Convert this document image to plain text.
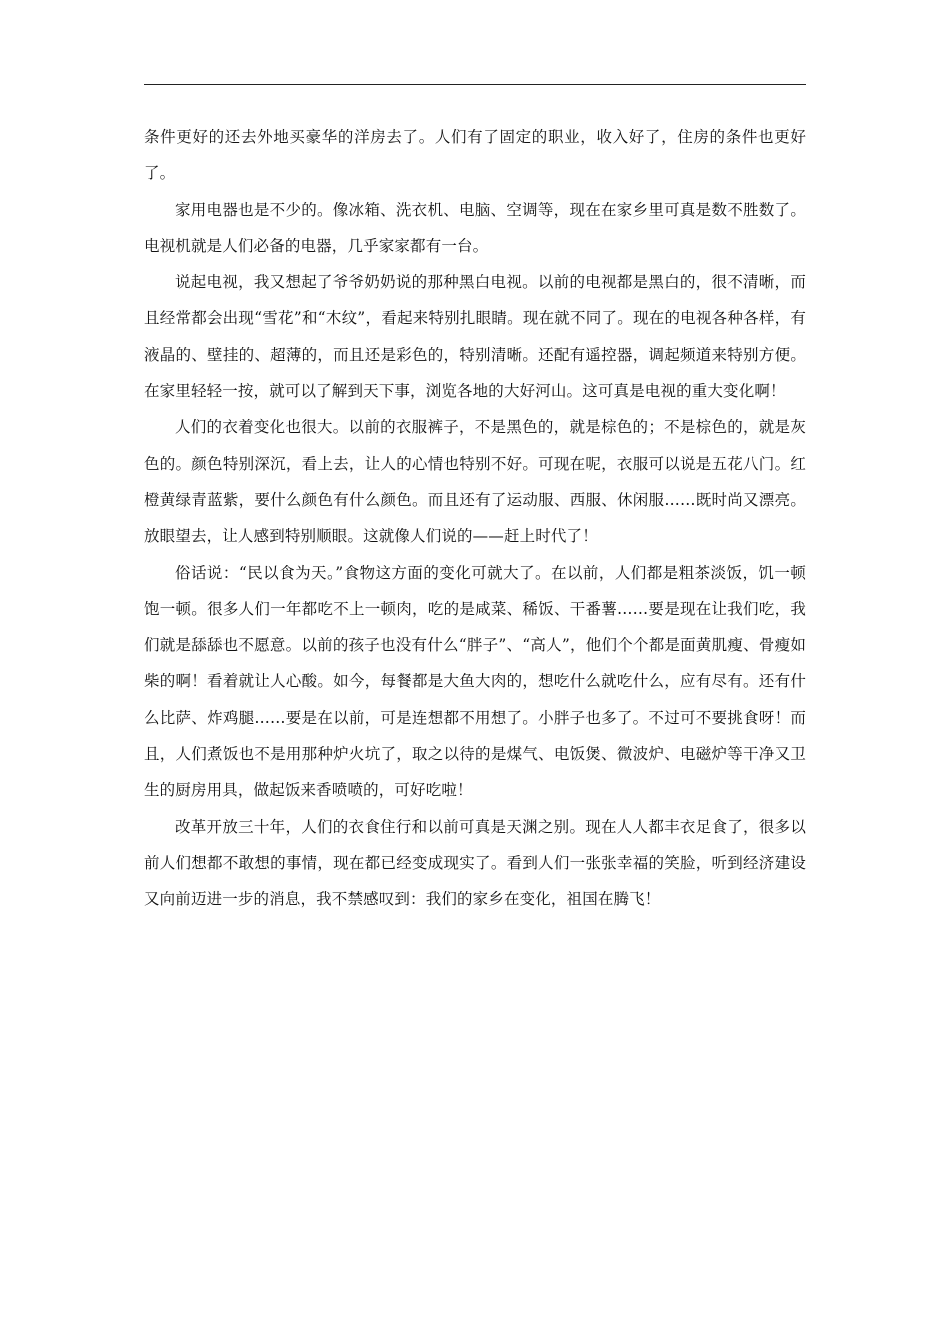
条件更好的还去外地买豪华的洋房去了。人们有了固定的职业，收入好了，住房的条件也更好了。

家用电器也是不少的。像冰箱、洗衣机、电脑、空调等，现在在家乡里可真是数不胜数了。电视机就是人们必备的电器，几乎家家都有一台。

说起电视，我又想起了爷爷奶奶说的那种黑白电视。以前的电视都是黑白的，很不清晰，而且经常都会出现“雪花”和“木纹”，看起来特别扎眼睛。现在就不同了。现在的电视各种各样，有液晶的、壁挂的、超薄的，而且还是彩色的，特别清晰。还配有遥控器，调起频道来特别方便。在家里轻轻一按，就可以了解到天下事，浏览各地的大好河山。这可真是电视的重大变化啊！

人们的衣着变化也很大。以前的衣服裤子，不是黑色的，就是棕色的；不是棕色的，就是灰色的。颜色特别深沉，看上去，让人的心情也特别不好。可现在呢，衣服可以说是五花八门。红橙黄绿青蓝紫，要什么颜色有什么颜色。而且还有了运动服、西服、休闲服……既时尚又漂亮。放眼望去，让人感到特别顺眼。这就像人们说的——赶上时代了！

俗话说：“民以食为天。”食物这方面的变化可就大了。在以前，人们都是粗茶淡饭，饥一顿饱一顿。很多人们一年都吃不上一顿肉，吃的是咸菜、稀饭、干番薯……要是现在让我们吃，我们就是舔舔也不愿意。以前的孩子也没有什么“胖子”、“高人”，他们个个都是面黄肌瘦、骨瘦如柴的啊！看着就让人心酸。如今，每餐都是大鱼大肉的，想吃什么就吃什么，应有尽有。还有什么比萨、炸鸡腿……要是在以前，可是连想都不用想了。小胖子也多了。不过可不要挑食呀！而且，人们煮饭也不是用那种炉火坑了，取之以待的是煤气、电饭煲、微波炉、电磁炉等干净又卫生的厨房用具，做起饭来香喷喷的，可好吃啦！

改革开放三十年，人们的衣食住行和以前可真是天渊之别。现在人人都丰衣足食了，很多以前人们想都不敢想的事情，现在都已经变成现实了。看到人们一张张幸福的笑脸，听到经济建设又向前迈进一步的消息，我不禁感叹到：我们的家乡在变化，祖国在腾飞！
